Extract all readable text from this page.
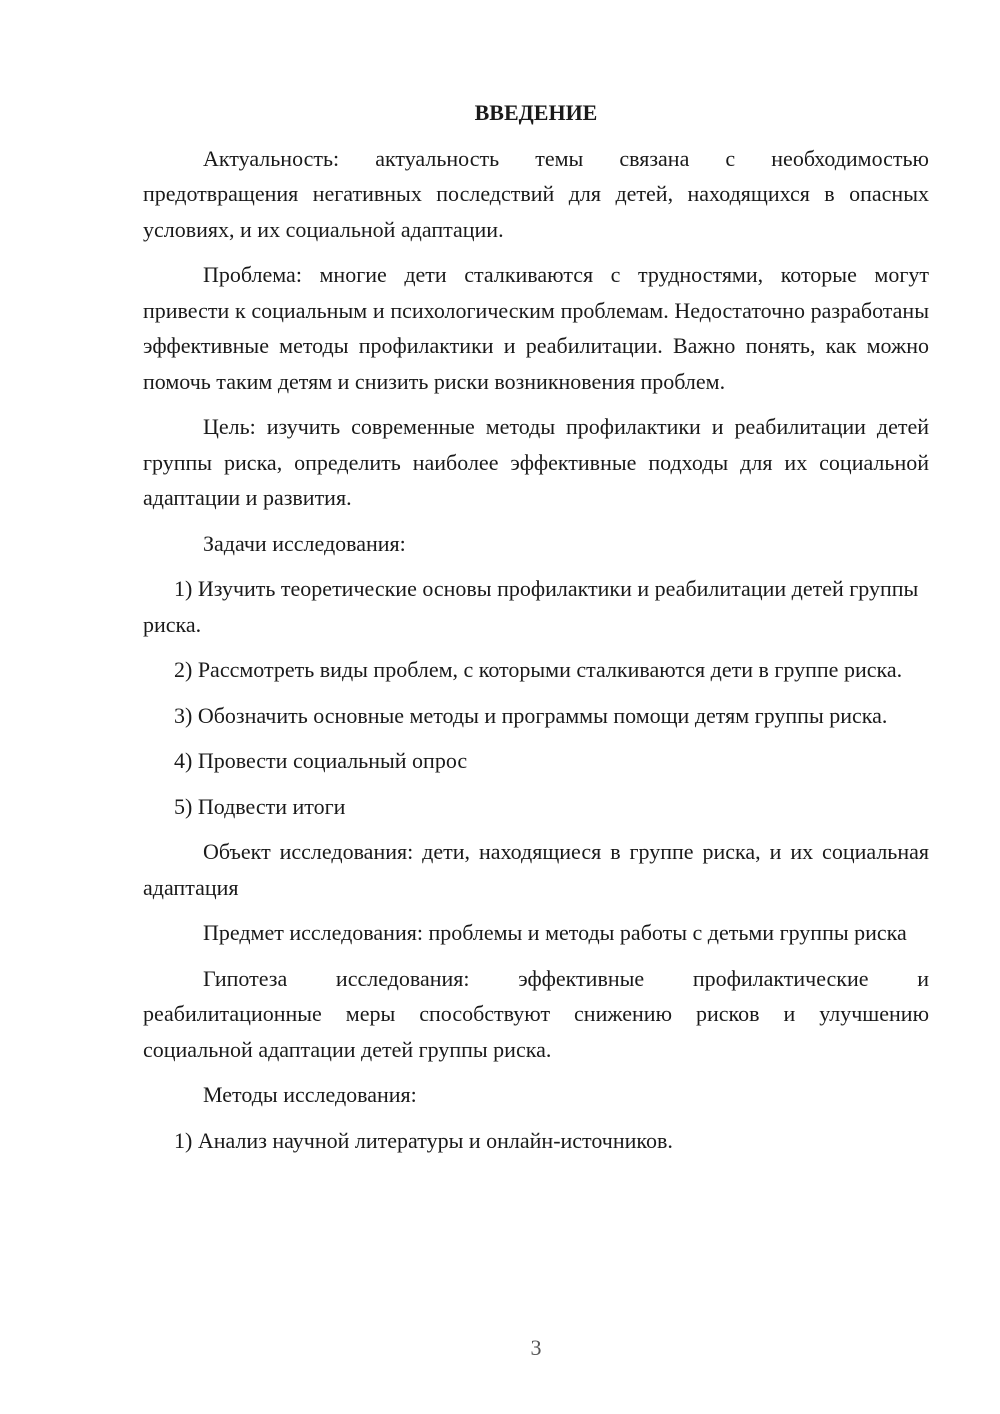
ВВЕДЕНИЕ

Актуальность: актуальность темы связана с необходимостью предотвращения негативных последствий для детей, находящихся в опасных условиях, и их социальной адаптации.

Проблема: многие дети сталкиваются с трудностями, которые могут привести к социальным и психологическим проблемам. Недостаточно разработаны эффективные методы профилактики и реабилитации. Важно понять, как можно помочь таким детям и снизить риски возникновения проблем.

Цель: изучить современные методы профилактики и реабилитации детей группы риска, определить наиболее эффективные подходы для их социальной адаптации и развития.

Задачи исследования:

1) Изучить теоретические основы профилактики и реабилитации детей группы риска.

2) Рассмотреть виды проблем, с которыми сталкиваются дети в группе риска.

3) Обозначить основные методы и программы помощи детям группы риска.

4) Провести социальный опрос

5) Подвести итоги

Объект исследования: дети, находящиеся в группе риска, и их социальная адаптация

Предмет исследования: проблемы и методы работы с детьми группы риска

Гипотеза исследования: эффективные профилактические и реабилитационные меры способствуют снижению рисков и улучшению социальной адаптации детей группы риска.

Методы исследования:

1) Анализ научной литературы и онлайн-источников.

3
